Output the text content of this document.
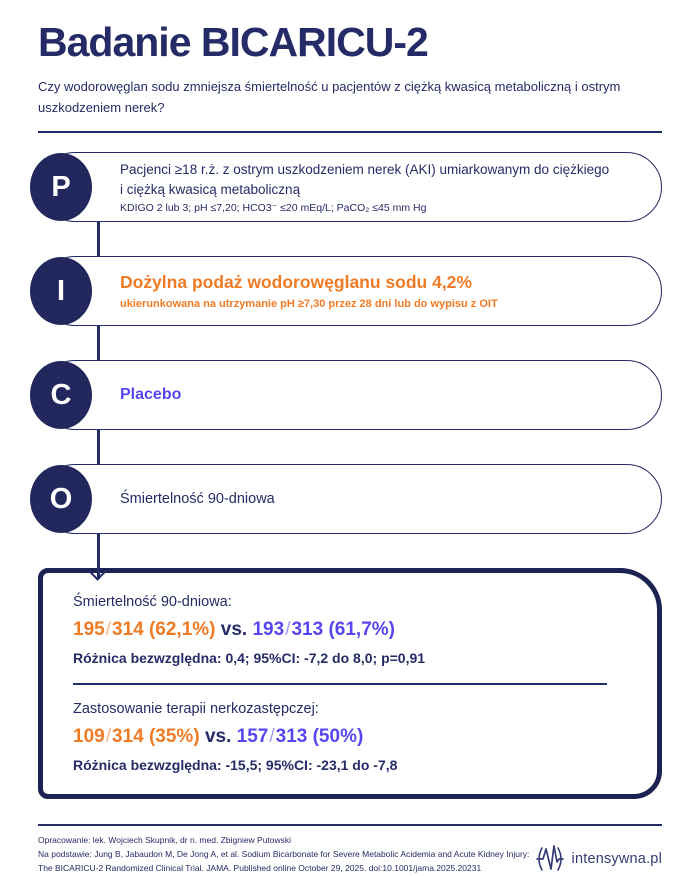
Badanie BICARICU-2

Czy wodorowęglan sodu zmniejsza śmiertelność u pacjentów z ciężką kwasicą metaboliczną i ostrym uszkodzeniem nerek?

P
Pacjenci ≥18 r.ż. z ostrym uszkodzeniem nerek (AKI) umiarkowanym do ciężkiego
i ciężką kwasicą metaboliczną
KDIGO 2 lub 3; pH ≤7,20; HCO3⁻ ≤20 mEq/L; PaCO₂ ≤45 mm Hg
I	Dożylna podaż wodorowęglanu sodu 4,2%
ukierunkowana na utrzymanie pH ≥7,30 przez 28 dni lub do wypisu z OIT
C	Placebo
O	Śmiertelność 90-dniowa
Śmiertelność 90-dniowa:
195/314 (62,1%) vs. 193/313 (61,7%)
Różnica bezwzględna: 0,4; 95%CI: -7,2 do 8,0; p=0,91
Zastosowanie terapii nerkozastępczej:
109/314 (35%) vs. 157/313 (50%)
Różnica bezwzględna: -15,5; 95%CI: -23,1 do -7,8

Opracowanie: lek. Wojciech Skupnik, dr n. med. Zbigniew Putowski

Na podstawie: Jung B, Jabaudon M, De Jong A, et al. Sodium Bicarbonate for Severe Metabolic Acidemia and Acute Kidney Injury: The BICARICU-2 Randomized Clinical Trial. JAMA. Published online October 29, 2025. doi:10.1001/jama.2025.20231

intensywna.pl
